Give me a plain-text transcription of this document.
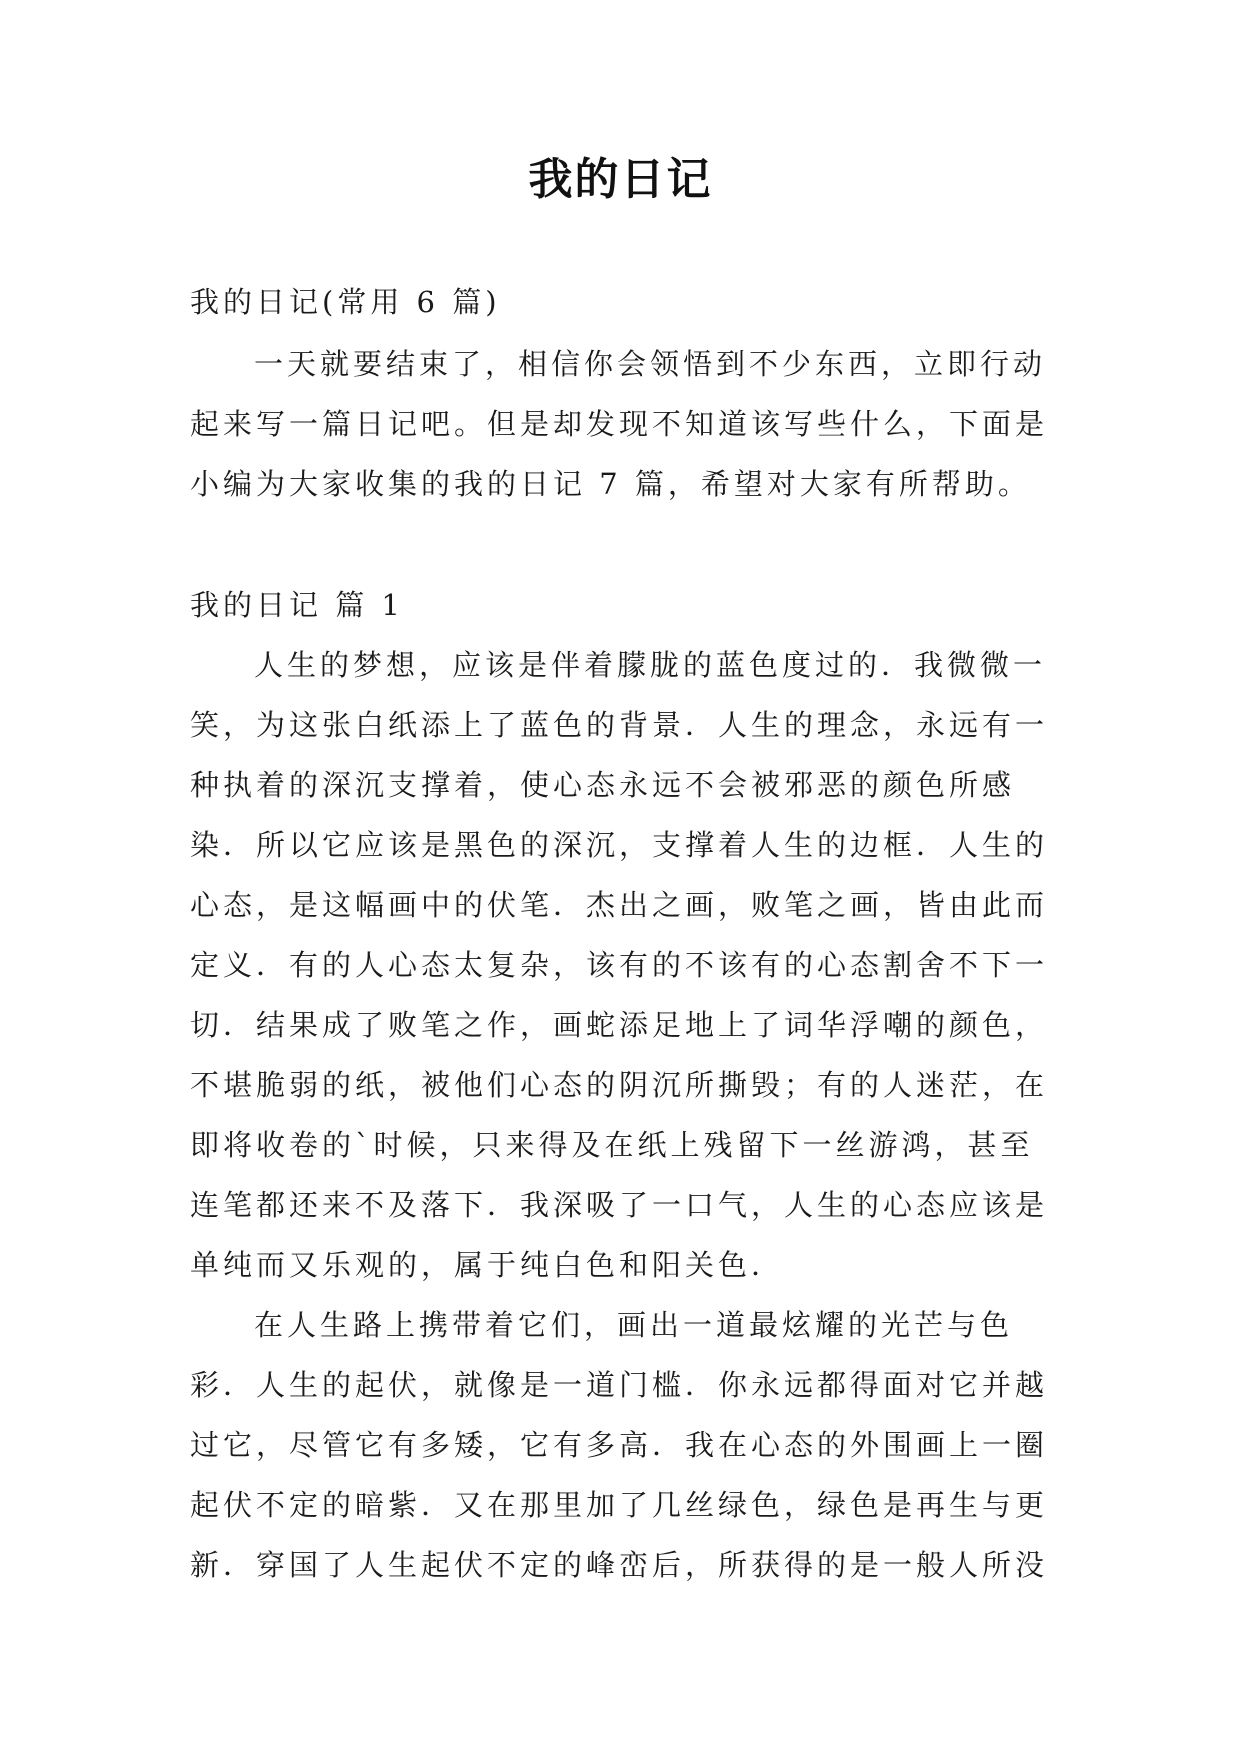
我的日记
我的日记(常用 6 篇)
一天就要结束了，相信你会领悟到不少东西，立即行动
起来写一篇日记吧。但是却发现不知道该写些什么，下面是
小编为大家收集的我的日记 7 篇，希望对大家有所帮助。
我的日记 篇 1
人生的梦想，应该是伴着朦胧的蓝色度过的．我微微一
笑，为这张白纸添上了蓝色的背景．人生的理念，永远有一
种执着的深沉支撑着，使心态永远不会被邪恶的颜色所感
染．所以它应该是黑色的深沉，支撑着人生的边框．人生的
心态，是这幅画中的伏笔．杰出之画，败笔之画，皆由此而
定义．有的人心态太复杂，该有的不该有的心态割舍不下一
切．结果成了败笔之作，画蛇添足地上了词华浮嘲的颜色，
不堪脆弱的纸，被他们心态的阴沉所撕毁；有的人迷茫，在
即将收卷的`时候，只来得及在纸上残留下一丝游鸿，甚至
连笔都还来不及落下．我深吸了一口气，人生的心态应该是
单纯而又乐观的，属于纯白色和阳关色．
在人生路上携带着它们，画出一道最炫耀的光芒与色
彩．人生的起伏，就像是一道门槛．你永远都得面对它并越
过它，尽管它有多矮，它有多高．我在心态的外围画上一圈
起伏不定的暗紫．又在那里加了几丝绿色，绿色是再生与更
新．穿国了人生起伏不定的峰峦后，所获得的是一般人所没
